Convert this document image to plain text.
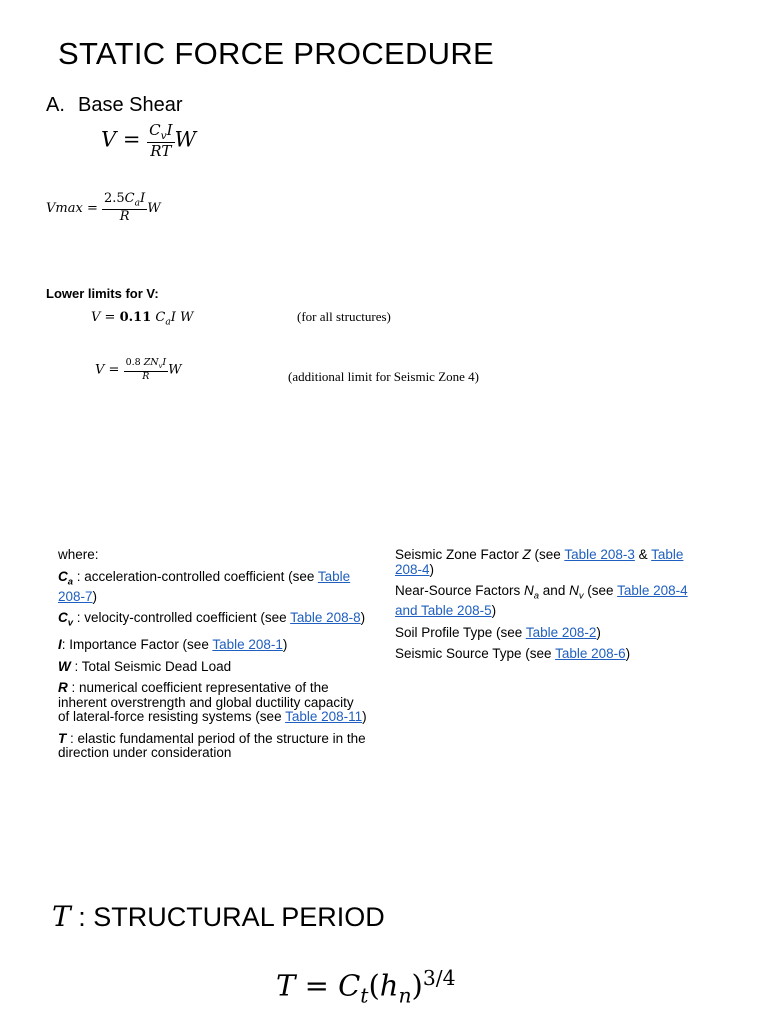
STATIC FORCE PROCEDURE
A. Base Shear
$V = \frac{C_vI}{RT}$ W
$Vmax = \frac{2.5C_aI}{R}$ W
Lower limits for V:
V = 0.11 $C_aI$ W	(for all structures)
$V = \frac{0.8 ZN_vI}{R}$ W	(additional limit for Seismic Zone 4)
where:
$C_a$ : acceleration-controlled coefficient (see Table 208-7)
$C_v$ : velocity-controlled coefficient (see Table 208-8)
I: Importance Factor (see Table 208-1)
W : Total Seismic Dead Load
R : numerical coefficient representative of the inherent overstrength and global ductility capacity of lateral-force resisting systems (see Table 208-11)
T : elastic fundamental period of the structure in the direction under consideration
Seismic Zone Factor Z (see Table 208-3 & Table 208-4)
Near-Source Factors $N_a$ and $N_v$ (see Table 208-4 and Table 208-5)
Soil Profile Type (see Table 208-2)
Seismic Source Type (see Table 208-6)
T : STRUCTURAL PERIOD
$T = C_t(h_n)^{3/4}$
